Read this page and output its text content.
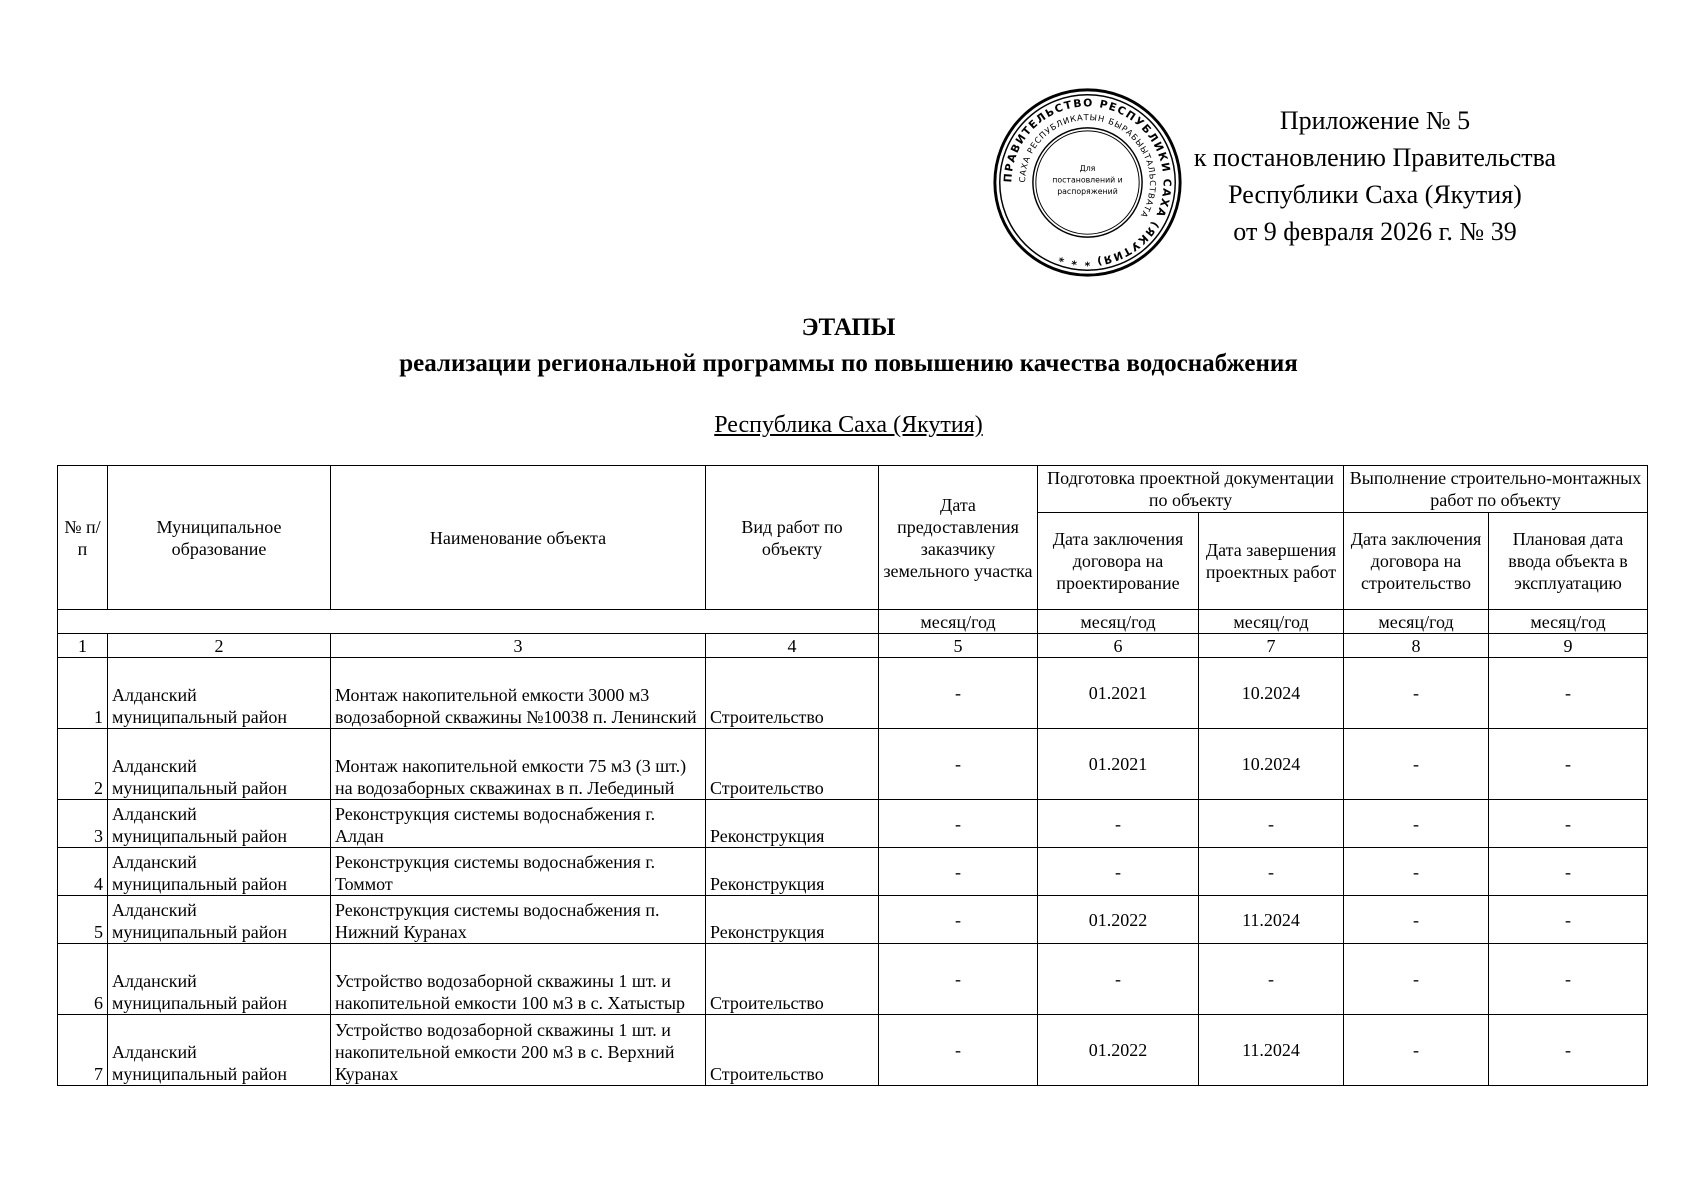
ПРАВИТЕЛЬСТВО РЕСПУБЛИКИ САХА (ЯКУТИЯ) * * *
САХА РЕСПУБЛИКАТЫН БЫРАБЫЫТАЛЬСТВАТА
Для
постановлений и
распоряжений
Приложение № 5
к постановлению Правительства
Республики Саха (Якутия)
от 9 февраля 2026 г. № 39
ЭТАПЫ
реализации региональной программы по повышению качества водоснабжения
Республика Саха (Якутия)
№ п/п	Муниципальное образование	Наименование объекта	Вид работ по объекту	Дата предоставления заказчику земельного участка	Подготовка проектной документации по объекту		Выполнение строительно-монтажных работ по объекту	
					Дата заключения договора на проектирование	Дата завершения проектных работ	Дата заключения договора на строительство	Плановая дата ввода объекта в эксплуатацию
				месяц/год	месяц/год	месяц/год	месяц/год	месяц/год
1	2	3	4	5	6	7	8	9
1	Алданский муниципальный район	Монтаж накопительной емкости 3000 м3 водозаборной скважины №10038 п. Ленинский	Строительство	-	01.2021	10.2024	-	-
2	Алданский муниципальный район	Монтаж накопительной емкости 75 м3 (3 шт.) на водозаборных скважинах в п. Лебединый	Строительство	-	01.2021	10.2024	-	-
3	Алданский муниципальный район	Реконструкция системы водоснабжения г. Алдан	Реконструкция	-	-	-	-	-
4	Алданский муниципальный район	Реконструкция системы водоснабжения г. Томмот	Реконструкция	-	-	-	-	-
5	Алданский муниципальный район	Реконструкция системы водоснабжения п. Нижний Куранах	Реконструкция	-	01.2022	11.2024	-	-
6	Алданский муниципальный район	Устройство водозаборной скважины 1 шт. и накопительной емкости 100 м3 в с. Хатыстыр	Строительство	-	-	-	-	-
7	Алданский муниципальный район	Устройство водозаборной скважины 1 шт. и накопительной емкости 200 м3 в с. Верхний Куранах	Строительство	-	01.2022	11.2024	-	-
